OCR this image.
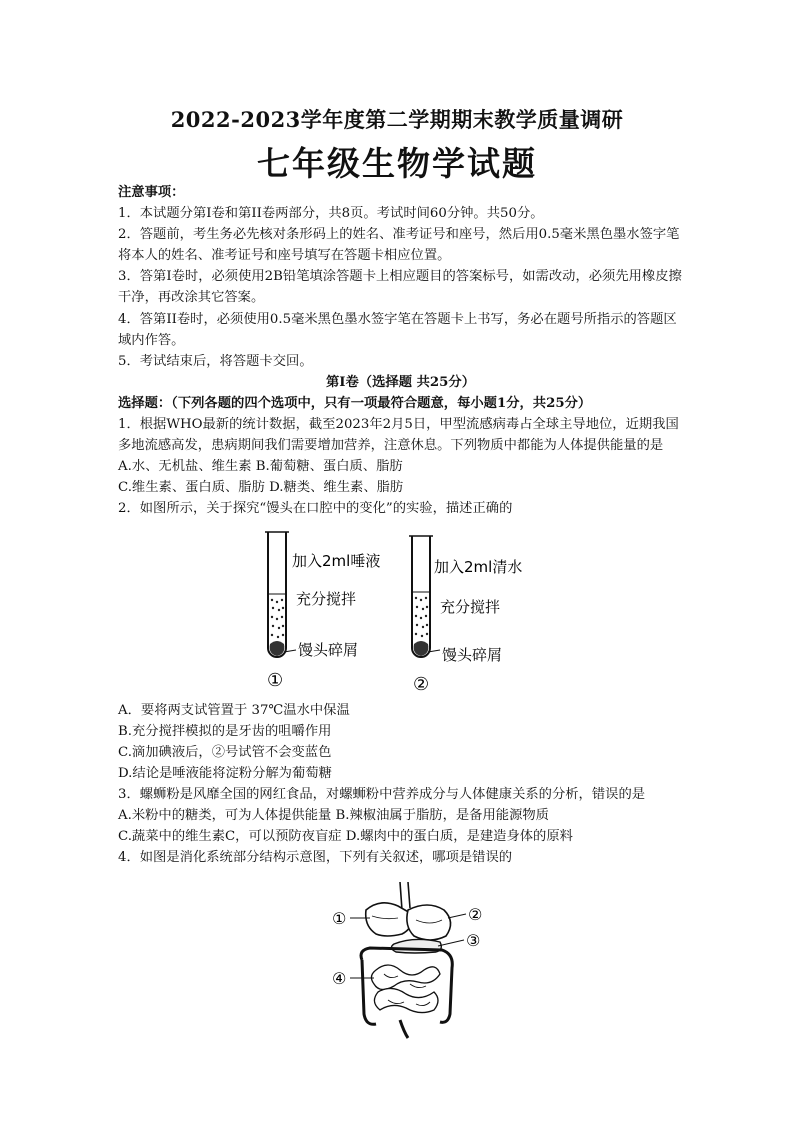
2022-2023学年度第二学期期末教学质量调研
七年级生物学试题

注意事项：

1．本试题分第Ⅰ卷和第II卷两部分，共8页。考试时间60分钟。共50分。

2．答题前，考生务必先核对条形码上的姓名、准考证号和座号，然后用0.5毫米黑色墨水签字笔将本人的姓名、准考证号和座号填写在答题卡相应位置。

3．答第Ⅰ卷时，必须使用2B铅笔填涂答题卡上相应题目的答案标号，如需改动，必须先用橡皮擦干净，再改涂其它答案。

4．答第II卷时，必须使用0.5毫米黑色墨水签字笔在答题卡上书写，务必在题号所指示的答题区域内作答。

5．考试结束后，将答题卡交回。

第Ⅰ卷（选择题 共25分）

选择题：（下列各题的四个选项中，只有一项最符合题意，每小题1分，共25分）

1．根据WHO最新的统计数据，截至2023年2月5日，甲型流感病毒占全球主导地位，近期我国多地流感高发，患病期间我们需要增加营养，注意休息。下列物质中都能为人体提供能量的是

A.水、无机盐、维生素 B.葡萄糖、蛋白质、脂肪

C.维生素、蛋白质、脂肪 D.糖类、维生素、脂肪

2．如图所示，关于探究“馒头在口腔中的变化”的实验，描述正确的

加入2ml唾液
充分搅拌
馒头碎屑
①
加入2ml清水
充分搅拌
馒头碎屑
②

A．要将两支试管置于 37℃温水中保温

B.充分搅拌模拟的是牙齿的咀嚼作用

C.滴加碘液后，②号试管不会变蓝色

D.结论是唾液能将淀粉分解为葡萄糖

3．螺蛳粉是风靡全国的网红食品，对螺蛳粉中营养成分与人体健康关系的分析，错误的是

A.米粉中的糖类，可为人体提供能量 B.辣椒油属于脂肪，是备用能源物质

C.蔬菜中的维生素C，可以预防夜盲症 D.螺肉中的蛋白质，是建造身体的原料

4．如图是消化系统部分结构示意图，下列有关叙述，哪项是错误的

①	②
③
④
